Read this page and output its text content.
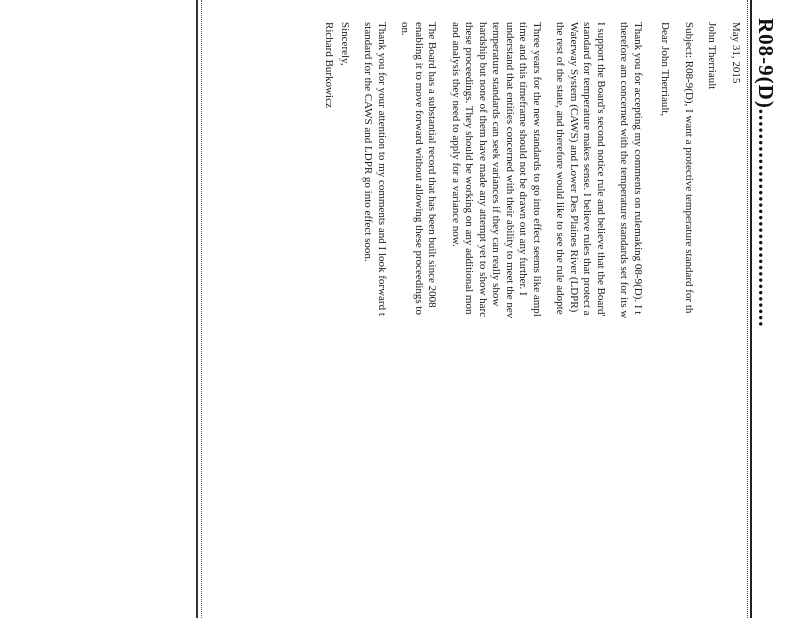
R08-9(D)...................................

May 31, 2015

John Therriault

Subject: R08-9(D), I want a protective temperature standard for th

Dear John Therriault,

Thank you for accepting my comments on rulemaking 08-9(D). I t
therefore am concerned with the temperature standards set for its w

I support the Board's second notice rule and believe that the Board'
standard for temperature makes sense. I believe rules that protect a
Waterway System (CAWS) and Lower Des Plaines River (LDPR)
the rest of the state, and therefore would like to see the rule adopte

Three years for the new standards to go into effect seems like ampl
time and this timeframe should not be drawn out any further. I
understand that entities concerned with their ability to meet the nev
temperature standards can seek variances if they can really show
hardship but none of them have made any attempt yet to show harc
these proceedings. They should be working on any additional mon
and analysis they need to apply for a variance now.

The Board has a substantial record that has been built since 2008
enabling it to move forward without allowing these proceedings to
on.

Thank you for your attention to my comments and I look forward t
standard for the CAWS and LDPR go into effect soon.

Sincerely,

Richard Burkowicz
